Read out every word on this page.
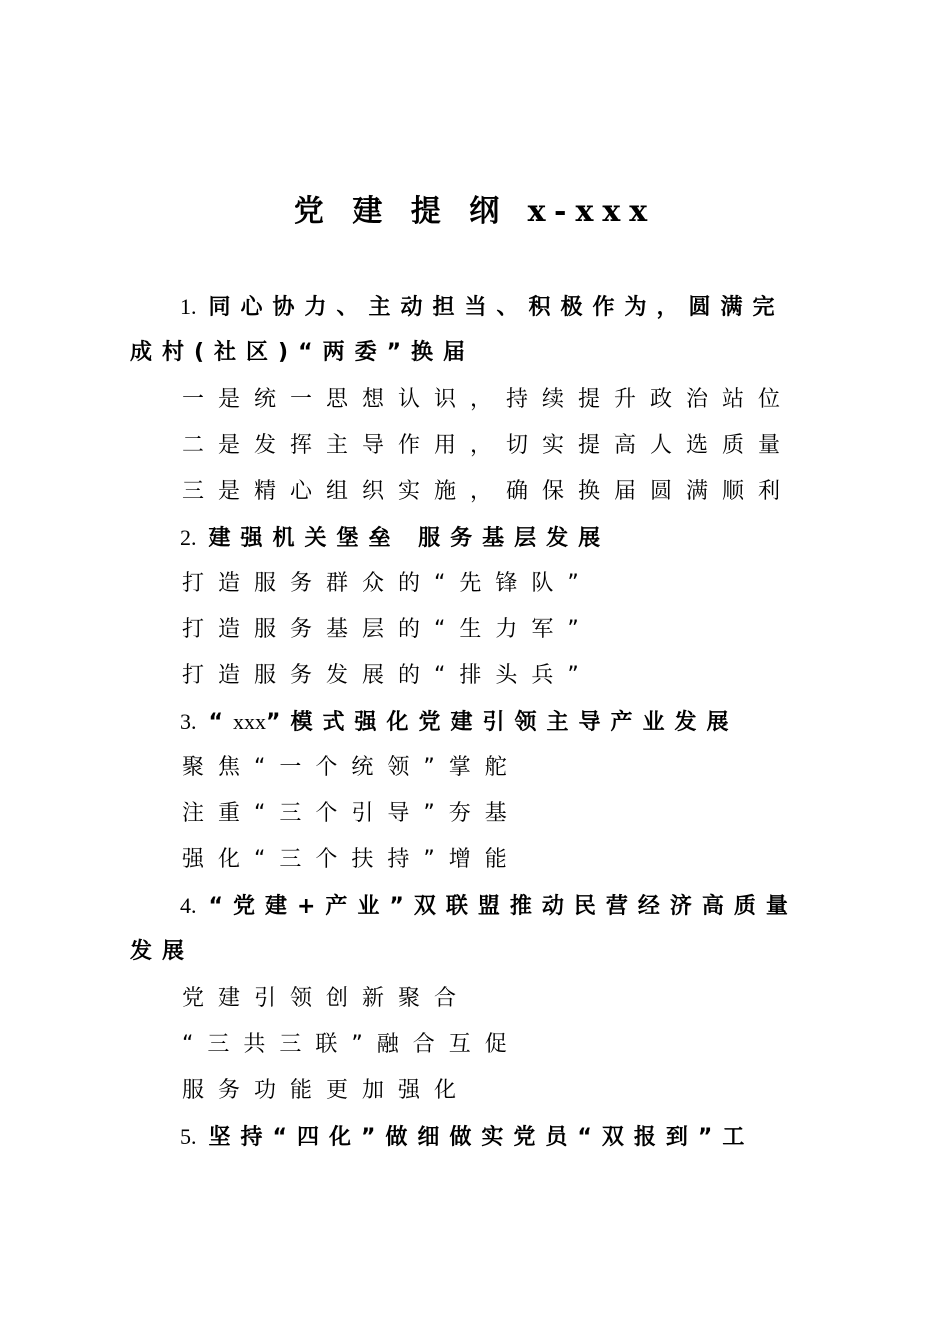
党 建 提 纲 x-xxx
1. 同心协力、主动担当、积极作为，圆满完
成村(社区)“两委”换届
一是统一思想认识，持续提升政治站位
二是发挥主导作用，切实提高人选质量
三是精心组织实施，确保换届圆满顺利
2. 建强机关堡垒 服务基层发展
打造服务群众的“先锋队”
打造服务基层的“生力军”
打造服务发展的“排头兵”
3. “xxx”模式强化党建引领主导产业发展
聚焦“一个统领”掌舵
注重“三个引导”夯基
强化“三个扶持”增能
4. “党建+产业”双联盟推动民营经济高质量
发展
党建引领创新聚合
“三共三联”融合互促
服务功能更加强化
5. 坚持“四化”做细做实党员“双报到”工
